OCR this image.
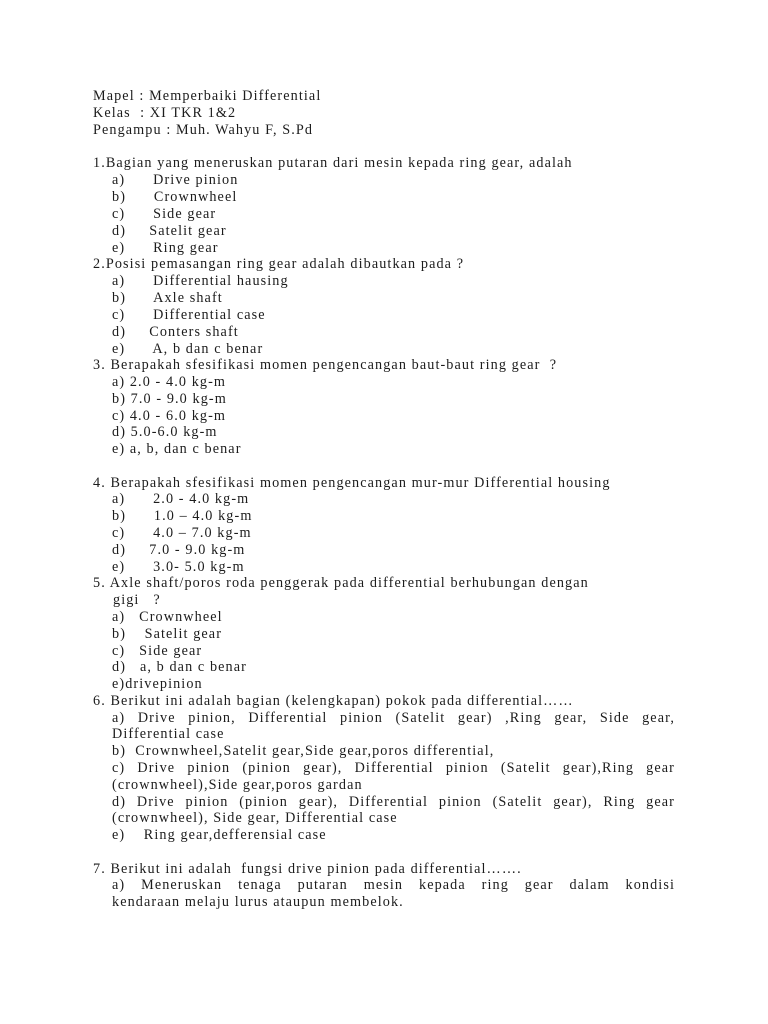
Mapel : Memperbaiki Differential
Kelas  : XI TKR 1&2
Pengampu : Muh. Wahyu F, S.Pd
1.Bagian yang meneruskan putaran dari mesin kepada ring gear, adalah
a)      Drive pinion
b)      Crownwheel
c)      Side gear
d)     Satelit gear
e)      Ring gear
2.Posisi pemasangan ring gear adalah dibautkan pada ?
a)      Differential hausing
b)      Axle shaft
c)      Differential case
d)     Conters shaft
e)      A, b dan c benar
3. Berapakah sfesifikasi momen pengencangan baut-baut ring gear  ?
a) 2.0 - 4.0 kg-m
b) 7.0 - 9.0 kg-m
c) 4.0 - 6.0 kg-m
d) 5.0-6.0 kg-m
e) a, b, dan c benar
4. Berapakah sfesifikasi momen pengencangan mur-mur Differential housing
a)      2.0 - 4.0 kg-m
b)      1.0 – 4.0 kg-m
c)      4.0 – 7.0 kg-m
d)     7.0 - 9.0 kg-m
e)      3.0- 5.0 kg-m
5. Axle shaft/poros roda penggerak pada differential berhubungan dengan
gigi   ?
a)   Crownwheel
b)    Satelit gear
c)   Side gear
d)   a, b dan c benar
e)drivepinion
6. Berikut ini adalah bagian (kelengkapan) pokok pada differential……
a) Drive pinion, Differential pinion (Satelit gear) ,Ring gear, Side gear,
Differential case
b)  Crownwheel,Satelit gear,Side gear,poros differential,
c) Drive pinion (pinion gear), Differential pinion (Satelit gear),Ring gear
(crownwheel),Side gear,poros gardan
d) Drive pinion (pinion gear), Differential pinion (Satelit gear), Ring gear
(crownwheel), Side gear, Differential case
e)    Ring gear,defferensial case
7. Berikut ini adalah  fungsi drive pinion pada differential…….
a) Meneruskan tenaga putaran mesin kepada ring gear dalam kondisi
kendaraan melaju lurus ataupun membelok.
